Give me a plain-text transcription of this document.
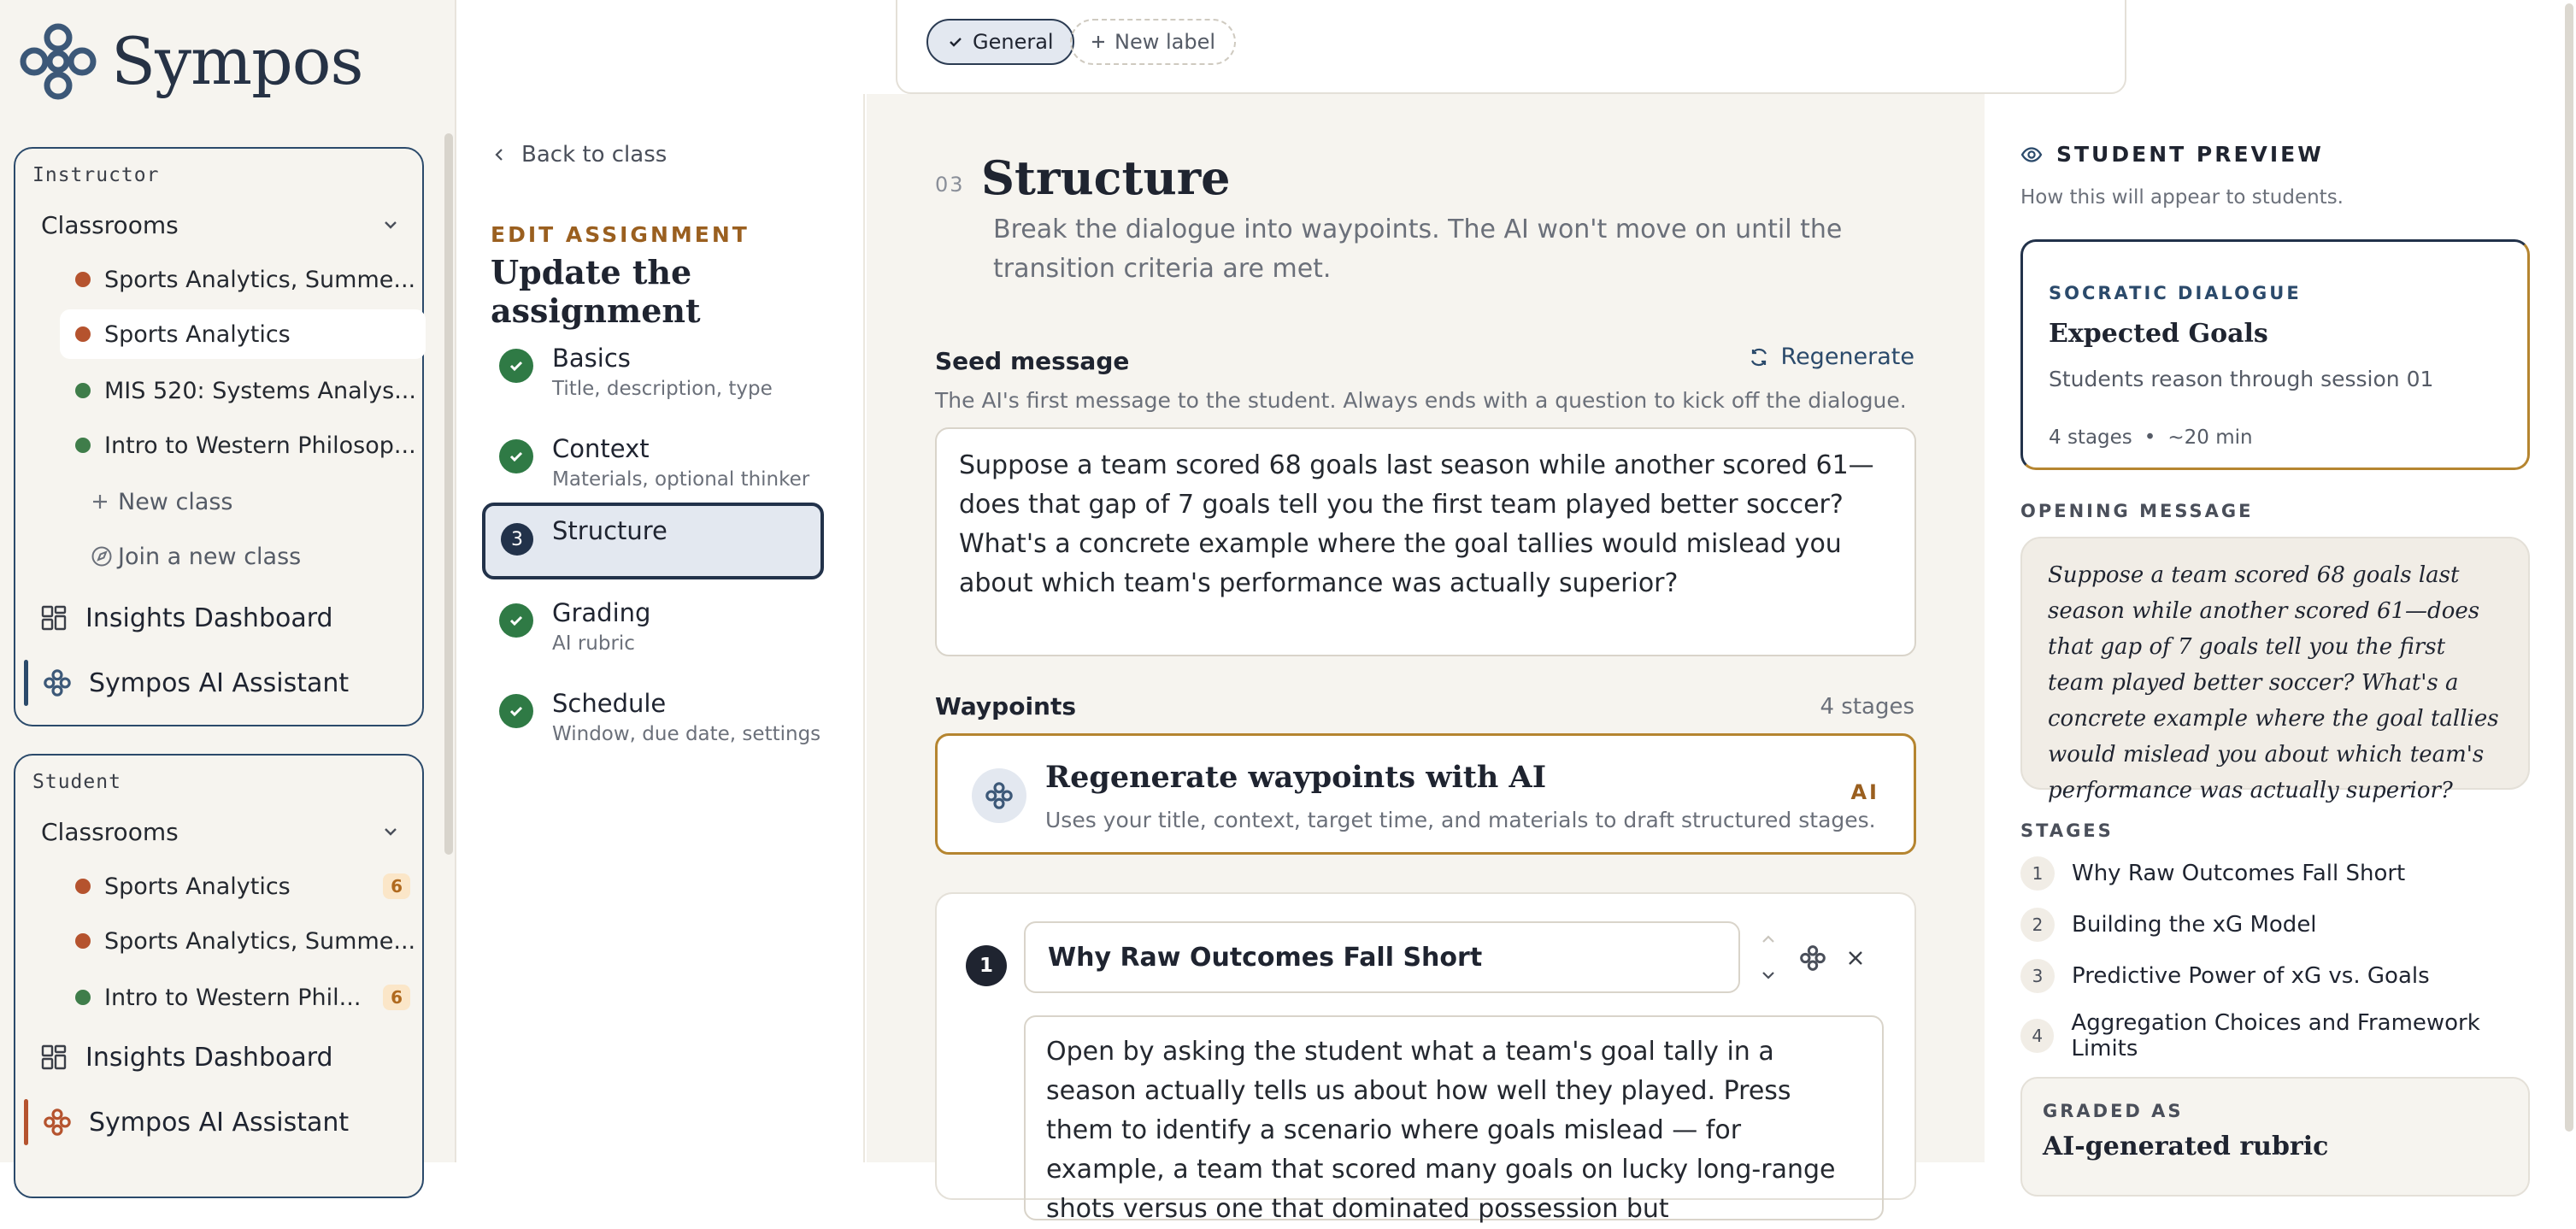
Sympos
Instructor
Classrooms
Sports Analytics, Summe...
Sports Analytics
MIS 520: Systems Analys...
Intro to Western Philosop...
New class
Join a new class
Insights Dashboard
Sympos AI Assistant
Student
Classrooms
Sports Analytics	6
Sports Analytics, Summe...
Intro to Western Phil...	6
Insights Dashboard
Sympos AI Assistant
Back to class
EDIT ASSIGNMENT
Update the assignment
Basics
Title, description, type
Context
Materials, optional thinker
3	Structure
Grading
AI rubric
Schedule
Window, due date, settings
03 Structure
Break the dialogue into waypoints. The AI won't move on until the transition criteria are met.
Seed message	Regenerate
The AI's first message to the student. Always ends with a question to kick off the dialogue.
Suppose a team scored 68 goals last season while another scored 61—does that gap of 7 goals tell you the first team played better soccer? What's a concrete example where the goal tallies would mislead you about which team's performance was actually superior?
Waypoints	4 stages
Regenerate waypoints with AI
Uses your title, context, target time, and materials to draft structured stages.
AI
1	Why Raw Outcomes Fall Short
Open by asking the student what a team's goal tally in a season actually tells us about how well they played. Press them to identify a scenario where goals mislead — for example, a team that scored many goals on lucky long-range shots versus one that dominated possession but
STUDENT PREVIEW
How this will appear to students.
SOCRATIC DIALOGUE
Expected Goals
Students reason through session 01
4 stages • ~20 min
OPENING MESSAGE
Suppose a team scored 68 goals last season while another scored 61—does that gap of 7 goals tell you the first team played better soccer? What's a concrete example where the goal tallies would mislead you about which team's performance was actually superior?
STAGES
1	Why Raw Outcomes Fall Short
2	Building the xG Model
3	Predictive Power of xG vs. Goals
4	Aggregation Choices and Framework Limits
GRADED AS
AI-generated rubric
General	New label
